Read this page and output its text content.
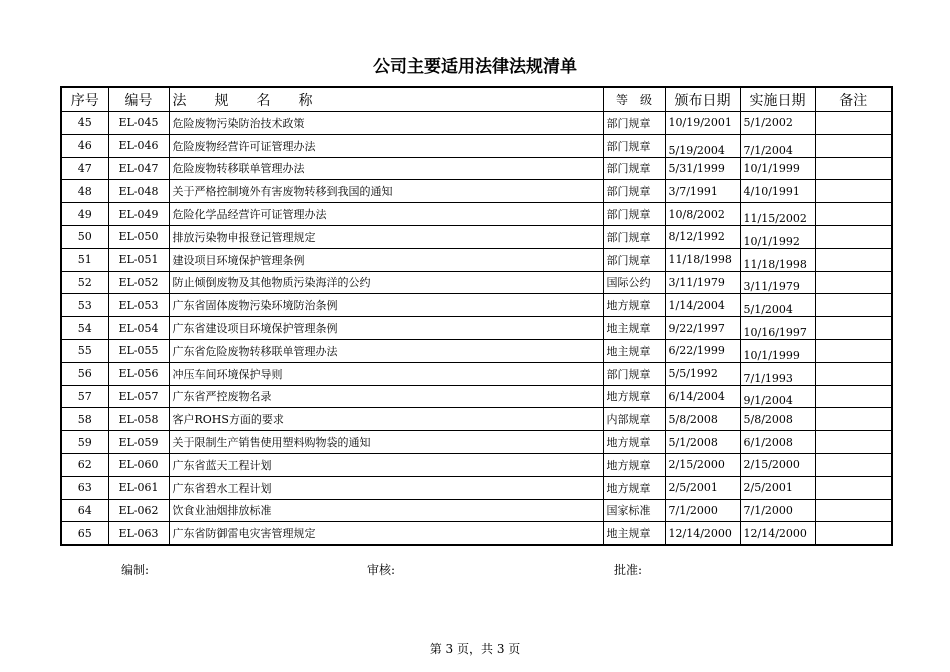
公司主要适用法律法规清单
序号	编号	法　　规　　名　　称	等　级	颁布日期	实施日期	备注
45	EL-045	危险废物污染防治技术政策	部门规章	10/19/2001	5/1/2002	
46	EL-046	危险废物经营许可证管理办法	部门规章	5/19/2004	7/1/2004	
47	EL-047	危险废物转移联单管理办法	部门规章	5/31/1999	10/1/1999	
48	EL-048	关于严格控制境外有害废物转移到我国的通知	部门规章	3/7/1991	4/10/1991	
49	EL-049	危险化学品经营许可证管理办法	部门规章	10/8/2002	11/15/2002	
50	EL-050	排放污染物申报登记管理规定	部门规章	8/12/1992	10/1/1992	
51	EL-051	建设项目环境保护管理条例	部门规章	11/18/1998	11/18/1998	
52	EL-052	防止倾倒废物及其他物质污染海洋的公约	国际公约	3/11/1979	3/11/1979	
53	EL-053	广东省固体废物污染环境防治条例	地方规章	1/14/2004	5/1/2004	
54	EL-054	广东省建设项目环境保护管理条例	地主规章	9/22/1997	10/16/1997	
55	EL-055	广东省危险废物转移联单管理办法	地主规章	6/22/1999	10/1/1999	
56	EL-056	冲压车间环境保护导则	部门规章	5/5/1992	7/1/1993	
57	EL-057	广东省严控废物名录	地方规章	6/14/2004	9/1/2004	
58	EL-058	客户ROHS方面的要求	内部规章	5/8/2008	5/8/2008	
59	EL-059	关于限制生产销售使用塑料购物袋的通知	地方规章	5/1/2008	6/1/2008	
62	EL-060	广东省蓝天工程计划	地方规章	2/15/2000	2/15/2000	
63	EL-061	广东省碧水工程计划	地方规章	2/5/2001	2/5/2001	
64	EL-062	饮食业油烟排放标准	国家标准	7/1/2000	7/1/2000	
65	EL-063	广东省防御雷电灾害管理规定	地主规章	12/14/2000	12/14/2000	
编制:	审核:	批准:
第 3 页，共 3 页
